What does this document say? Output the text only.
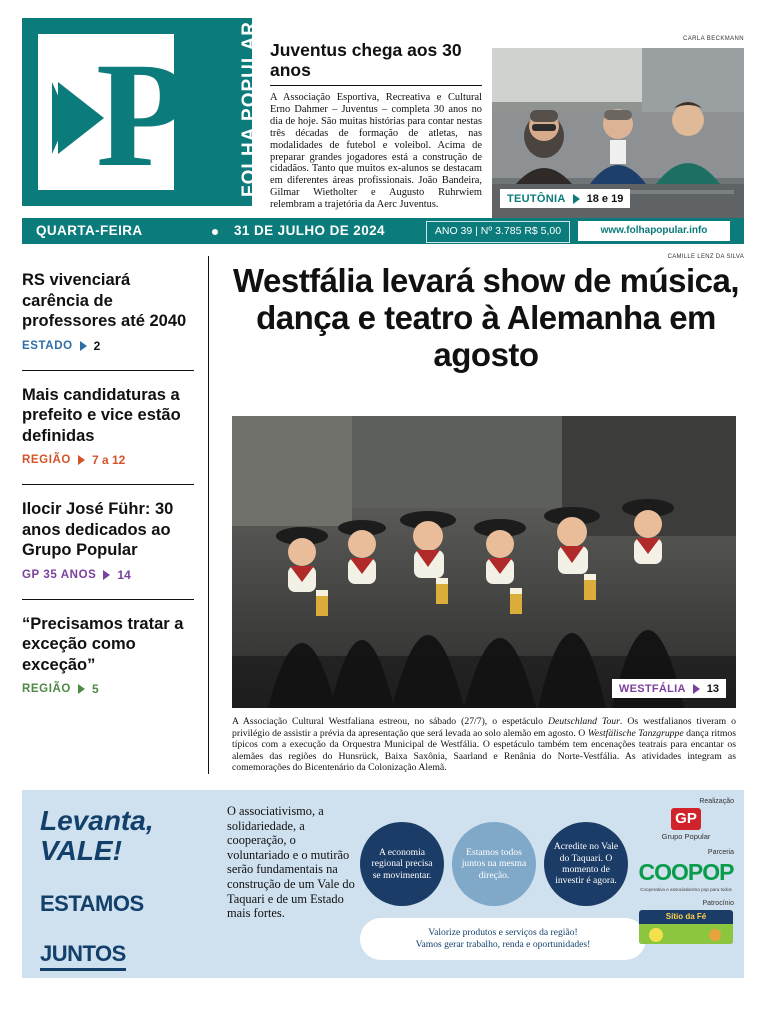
P	FOLHA POPULAR Juventus chega aos 30 anos
A Associação Esportiva, Recreativa e Cultural Erno Dahmer – Juventus – completa 30 anos no dia de hoje. São muitas histórias para contar nestas três décadas de formação de atletas, nas modalidades de futebol e voleibol. Acima de preparar grandes jogadores está a construção de cidadãos. Tanto que muitos ex-alunos se destacam em diferentes áreas profissionais. João Bandeira, Gilmar Wietholter e Augusto Ruhrwiem relembram a trajetória da Aerc Juventus.
CARLA BECKMANN
TEUTÔNIA 18 e 19
QUARTA-FEIRA	31 DE JULHO DE 2024	ANO 39 | Nº 3.785 R$ 5,00	www.folhapopular.info
RS vivenciará carência de professores até 2040
ESTADO 2
Mais candidaturas a prefeito e vice estão definidas
REGIÃO 7 a 12
Ilocir José Führ: 30 anos dedicados ao Grupo Popular
GP 35 ANOS 14
“Precisamos tratar a exceção como exceção”
REGIÃO 5
CAMILLE LENZ DA SILVA
Westfália levará show de música, dança e teatro à Alemanha em agosto
WESTFÁLIA 13
A Associação Cultural Westfaliana estreou, no sábado (27/7), o espetáculo Deutschland Tour. Os westfalianos tiveram o privilégio de assistir a prévia da apresentação que será levada ao solo alemão em agosto. O Westfälische Tanzgruppe dança ritmos típicos com a execução da Orquestra Municipal de Westfália. O espetáculo também tem encenações teatrais para encantar os alemães das regiões do Hunsrück, Baixa Saxônia, Saarland e Renânia do Norte-Vestfália. As atividades integram as comemorações do Bicentenário da Colonização Alemã.
Levanta,
VALE!
ESTAMOS
JUNTOS
O associativismo, a solidariedade, a cooperação, o voluntariado e o mutirão serão fundamentais na construção de um Vale do Taquari e de um Estado mais fortes.
A economia regional precisa se movimentar.
Estamos todos juntos na mesma direção.
Acredite no Vale do Taquari. O momento de investir é agora.
Valorize produtos e serviços da região!
Vamos gerar trabalho, renda e oportunidades!
Realização
GP
Grupo Popular
Parceria
COOPOP
Cooperativa e associativismo pop para todos
Patrocínio
Sítio da Fé
